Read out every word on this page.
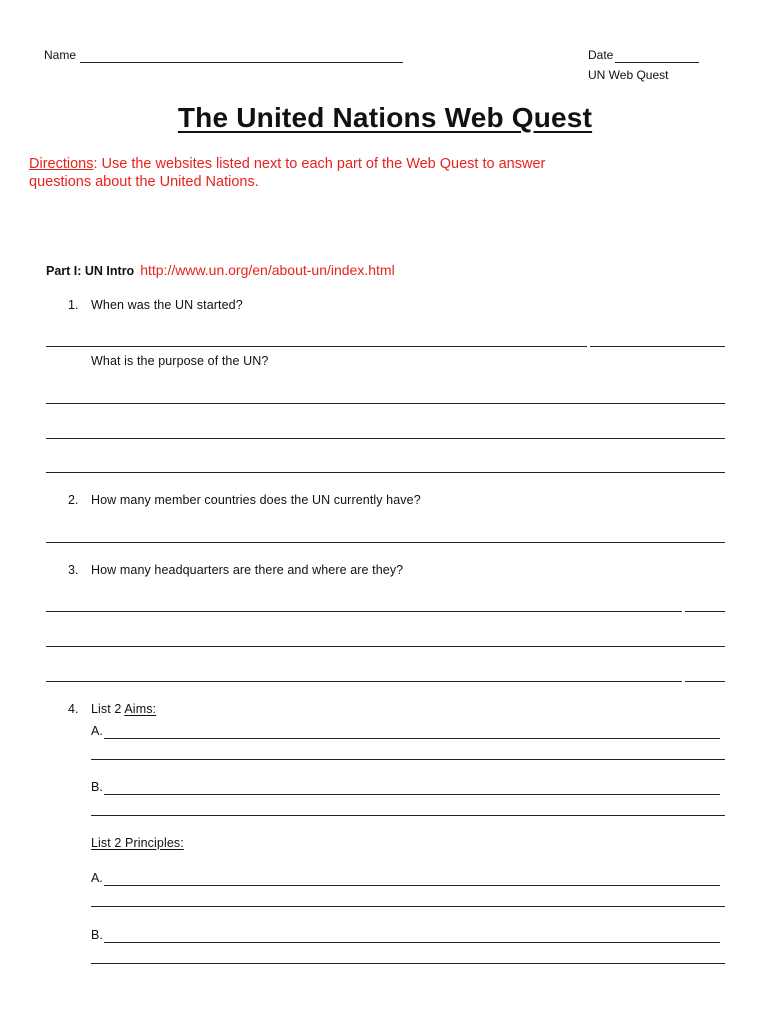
Name	Date
UN Web Quest
The United Nations Web Quest
Directions: Use the websites listed next to each part of the Web Quest to answer questions about the United Nations.
Part I: UN Intro http://www.un.org/en/about-un/index.html
1. When was the UN started?
What is the purpose of the UN?
2. How many member countries does the UN currently have?
3. How many headquarters are there and where are they?
4. List 2 Aims:
A.
B.
List 2 Principles:
A.
B.
